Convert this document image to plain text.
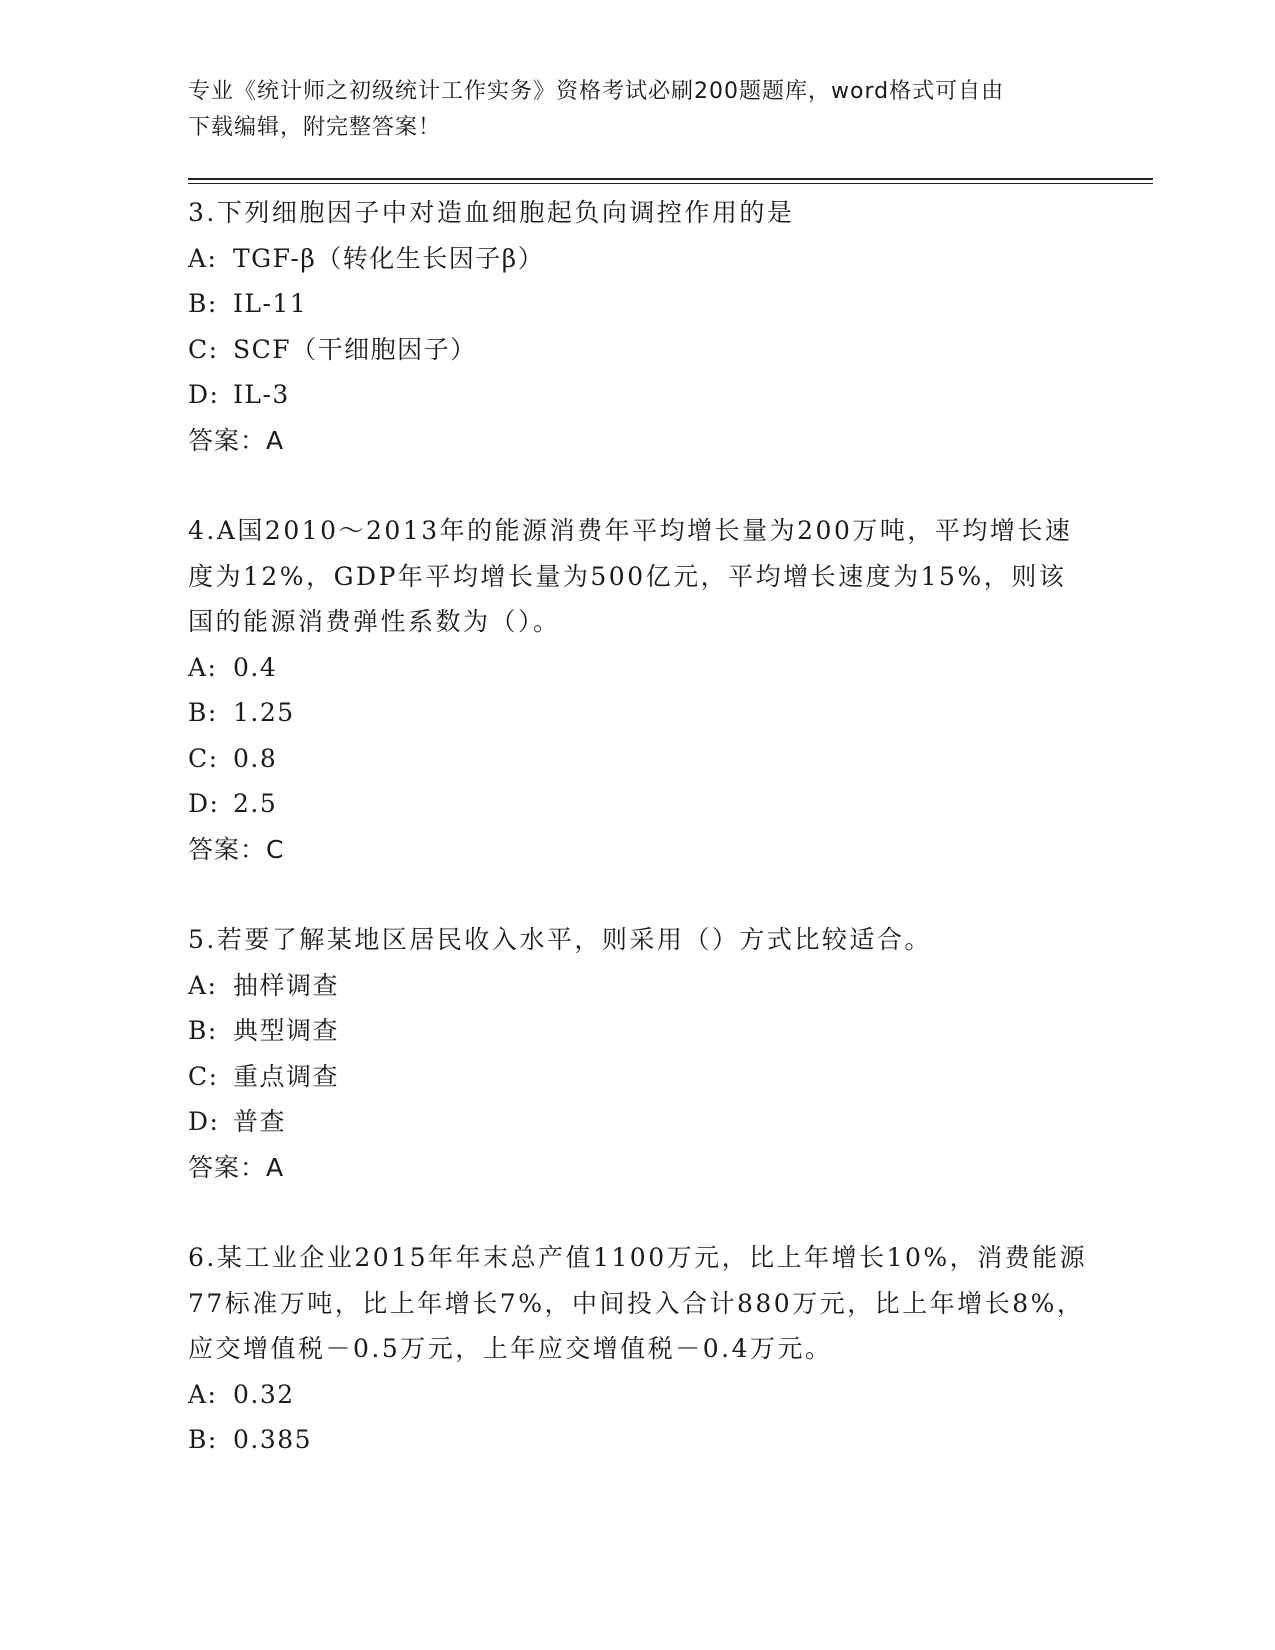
专业《统计师之初级统计工作实务》资格考试必刷200题题库，word格式可自由
下载编辑，附完整答案！

3.下列细胞因子中对造血细胞起负向调控作用的是

A: TGF-β（转化生长因子β）

B: IL-11

C: SCF（干细胞因子）

D: IL-3

答案：A

4.A国2010～2013年的能源消费年平均增长量为200万吨，平均增长速度为12%，GDP年平均增长量为500亿元，平均增长速度为15%，则该国的能源消费弹性系数为（）。

A: 0.4

B: 1.25

C: 0.8

D: 2.5

答案：C

5.若要了解某地区居民收入水平，则采用（）方式比较适合。

A: 抽样调查

B: 典型调查

C: 重点调查

D: 普查

答案：A

6.某工业企业2015年年末总产值1100万元，比上年增长10%，消费能源77标准万吨，比上年增长7%，中间投入合计880万元，比上年增长8%，应交增值税－0.5万元，上年应交增值税－0.4万元。

A: 0.32

B: 0.385
